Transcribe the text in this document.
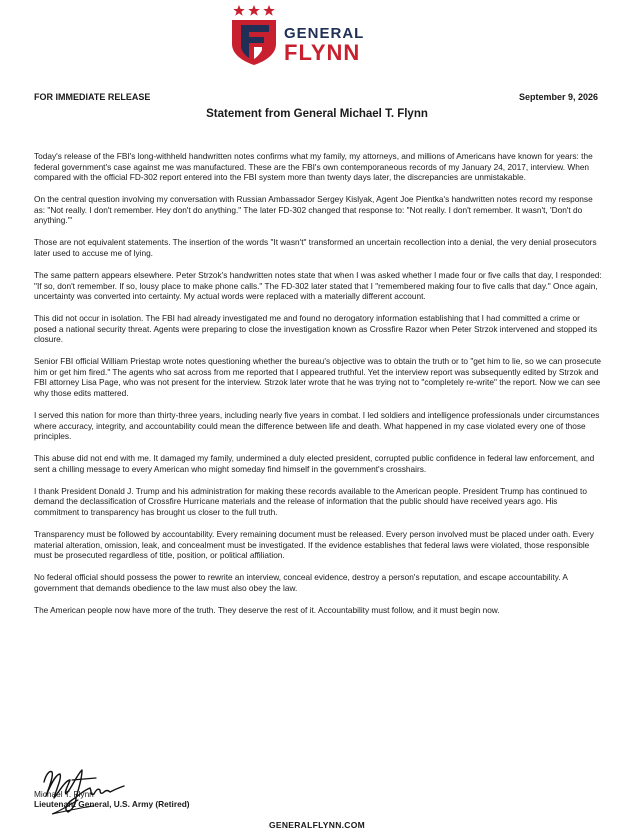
GENERAL
FLYNN
FOR IMMEDIATE RELEASE	September 9, 2026
Statement from General Michael T. Flynn

Today's release of the FBI's long-withheld handwritten notes confirms what my family, my attorneys, and millions of Americans have known for years: the federal government's case against me was manufactured. These are the FBI's own contemporaneous records of my January 24, 2017, interview. When compared with the official FD-302 report entered into the FBI system more than twenty days later, the discrepancies are unmistakable.

On the central question involving my conversation with Russian Ambassador Sergey Kislyak, Agent Joe Pientka's handwritten notes record my response as: "Not really. I don't remember. Hey don't do anything." The later FD-302 changed that response to: "Not really. I don't remember. It wasn't, 'Don't do anything.'"

Those are not equivalent statements. The insertion of the words "It wasn't" transformed an uncertain recollection into a denial, the very denial prosecutors later used to accuse me of lying.

The same pattern appears elsewhere. Peter Strzok's handwritten notes state that when I was asked whether I made four or five calls that day, I responded: "If so, don't remember. If so, lousy place to make phone calls." The FD-302 later stated that I "remembered making four to five calls that day." Once again, uncertainty was converted into certainty. My actual words were replaced with a materially different account.

This did not occur in isolation. The FBI had already investigated me and found no derogatory information establishing that I had committed a crime or posed a national security threat. Agents were preparing to close the investigation known as Crossfire Razor when Peter Strzok intervened and stopped its closure.

Senior FBI official William Priestap wrote notes questioning whether the bureau's objective was to obtain the truth or to "get him to lie, so we can prosecute him or get him fired." The agents who sat across from me reported that I appeared truthful. Yet the interview report was subsequently edited by Strzok and FBI attorney Lisa Page, who was not present for the interview. Strzok later wrote that he was trying not to "completely re-write" the report. Now we can see why those edits mattered.

I served this nation for more than thirty-three years, including nearly five years in combat. I led soldiers and intelligence professionals under circumstances where accuracy, integrity, and accountability could mean the difference between life and death. What happened in my case violated every one of those principles.

This abuse did not end with me. It damaged my family, undermined a duly elected president, corrupted public confidence in federal law enforcement, and sent a chilling message to every American who might someday find himself in the government's crosshairs.

I thank President Donald J. Trump and his administration for making these records available to the American people. President Trump has continued to demand the declassification of Crossfire Hurricane materials and the release of information that the public should have received years ago. His commitment to transparency has brought us closer to the full truth.

Transparency must be followed by accountability. Every remaining document must be released. Every person involved must be placed under oath. Every material alteration, omission, leak, and concealment must be investigated. If the evidence establishes that federal laws were violated, those responsible must be prosecuted regardless of title, position, or political affiliation.

No federal official should possess the power to rewrite an interview, conceal evidence, destroy a person's reputation, and escape accountability. A government that demands obedience to the law must also obey the law.

The American people now have more of the truth. They deserve the rest of it. Accountability must follow, and it must begin now.

Michael T. Flynn
Lieutenant General, U.S. Army (Retired)
GENERALFLYNN.COM
